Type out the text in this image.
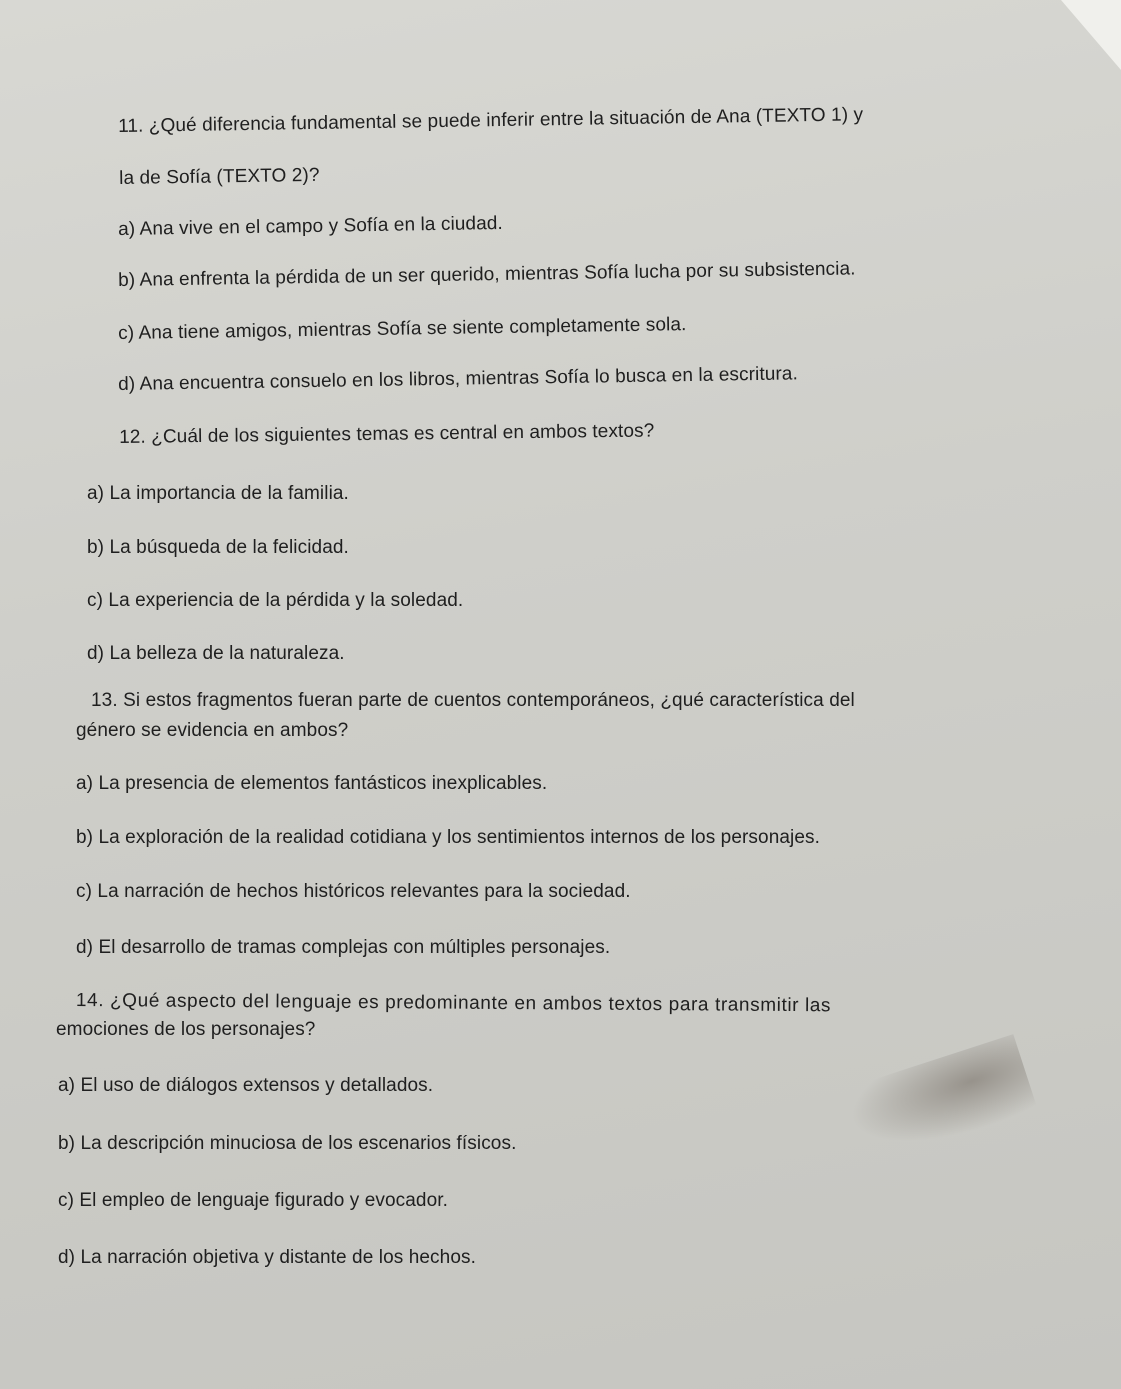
11. ¿Qué diferencia fundamental se puede inferir entre la situación de Ana (TEXTO 1) y
la de Sofía (TEXTO 2)?
a) Ana vive en el campo y Sofía en la ciudad.
b) Ana enfrenta la pérdida de un ser querido, mientras Sofía lucha por su subsistencia.
c) Ana tiene amigos, mientras Sofía se siente completamente sola.
d) Ana encuentra consuelo en los libros, mientras Sofía lo busca en la escritura.
12. ¿Cuál de los siguientes temas es central en ambos textos?
a) La importancia de la familia.
b) La búsqueda de la felicidad.
c) La experiencia de la pérdida y la soledad.
d) La belleza de la naturaleza.
13. Si estos fragmentos fueran parte de cuentos contemporáneos, ¿qué característica del
género se evidencia en ambos?
a) La presencia de elementos fantásticos inexplicables.
b) La exploración de la realidad cotidiana y los sentimientos internos de los personajes.
c) La narración de hechos históricos relevantes para la sociedad.
d) El desarrollo de tramas complejas con múltiples personajes.
14. ¿Qué aspecto del lenguaje es predominante en ambos textos para transmitir las
emociones de los personajes?
a) El uso de diálogos extensos y detallados.
b) La descripción minuciosa de los escenarios físicos.
c) El empleo de lenguaje figurado y evocador.
d) La narración objetiva y distante de los hechos.
